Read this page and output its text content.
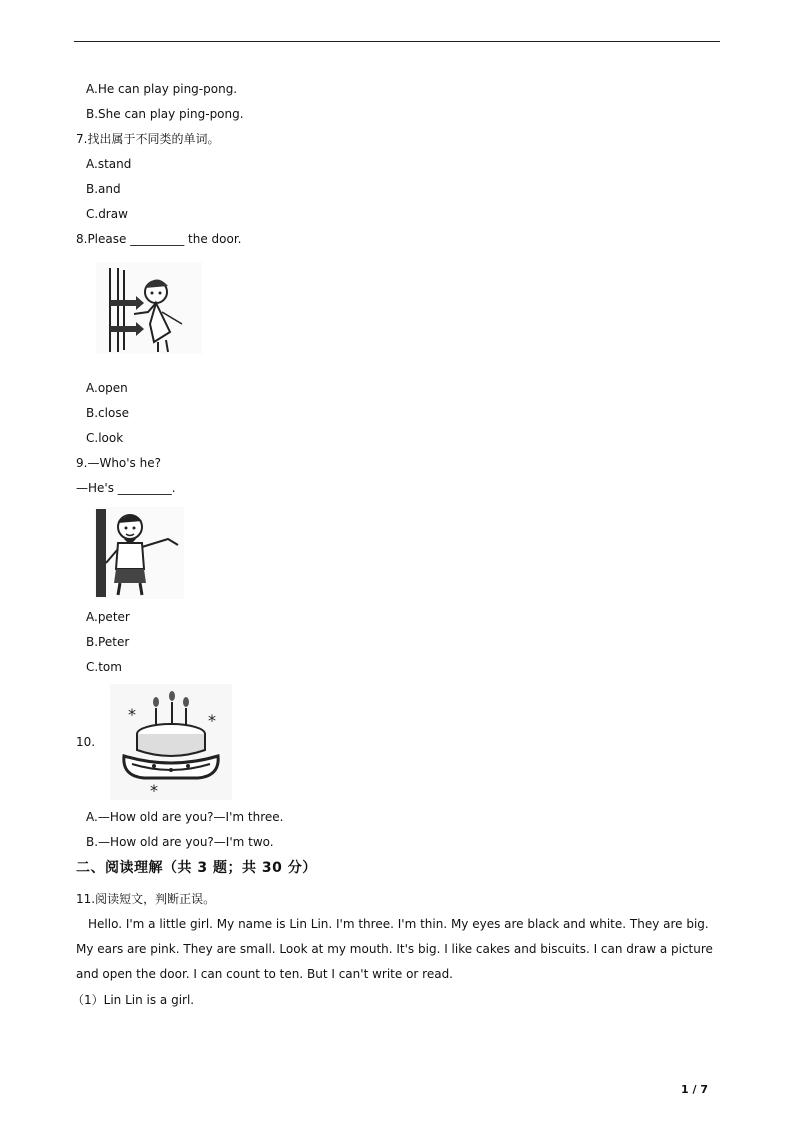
A.He can play ping-pong.
B.She can play ping-pong.
7.找出属于不同类的单词。
A.stand
B.and
C.draw
8.Please _________ the door.
A.open
B.close
C.look
9.—Who's he?
—He's _________.
A.peter
B.Peter
C.tom
10.
*	*
*
A.—How old are you?—I'm three.
B.—How old are you?—I'm two.
二、阅读理解（共 3 题；共 30 分）
11.阅读短文，判断正误。
Hello. I'm a little girl. My name is Lin Lin. I'm three. I'm thin. My eyes are black and white. They are big. My ears are pink. They are small. Look at my mouth. It's big. I like cakes and biscuits. I can draw a picture and open the door. I can count to ten. But I can't write or read.
（1）Lin Lin is a girl.
1 / 7
